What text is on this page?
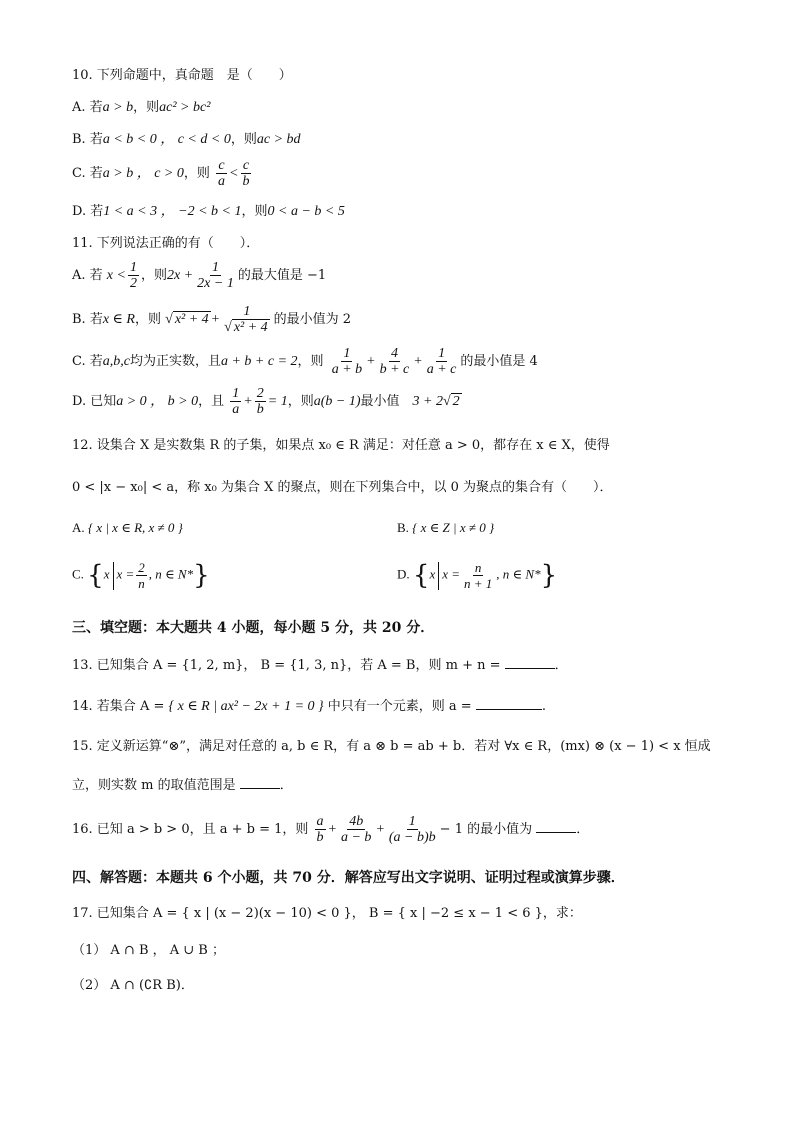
10. 下列命题中，真命题　是（　　）
A. 若a > b，则ac² > bc²
B. 若a < b < 0 ， c < d < 0，则ac > bd
C. 若a > b ， c > 0，则 $\frac{c}{a} < \frac{c}{b}$
D. 若1 < a < 3 ， −2 < b < 1，则0 < a − b < 5
11. 下列说法正确的有（　　）．
A. 若 $x < \frac{1}{2}$ ，则$2x + \frac{1}{2x - 1}$ 的最大值是 −1
B. 若x ∈ R，则 √ $x^2 + 4 + \frac{1}{\text{√ x² + 4}}$ 的最小值为 2
C. 若a,b,c均为正实数，且a + b + c = 2，则 $\frac{1}{a + b} + \frac{4}{b + c} + \frac{1}{a + c}$ 的最小值是 4
D. 已知a > 0 ， b > 0，且 $\frac{1}{a} + \frac{2}{b} = 1$，则a(b − 1)最小值　3 + 2√ 2
12. 设集合 X 是实数集 R 的子集，如果点 x₀ ∈ R 满足：对任意 a > 0，都存在 x ∈ X，使得
0 < |x − x₀| < a，称 x₀ 为集合 X 的聚点，则在下列集合中，以 0 为聚点的集合有（　　）．
A. { x | x ∈ R, x ≠ 0 }	B. { x ∈ Z | x ≠ 0 }
C. {x $x = \frac{2}{n}$ , n ∈ N*}	D. {x $x = \frac{n}{n + 1}$ , n ∈ N*}
三、填空题：本大题共 4 小题，每小题 5 分，共 20 分．
13. 已知集合 A = {1, 2, m}， B = {1, 3, n}，若 A = B，则 m + n =	．
14. 若集合 A = { x ∈ R | ax² − 2x + 1 = 0 } 中只有一个元素，则 a =	.
15. 定义新运算“⊗”，满足对任意的 a, b ∈ R，有 a ⊗ b = ab + b．若对 ∀x ∈ R，(mx) ⊗ (x − 1) < x 恒成
立，则实数 m 的取值范围是	．
16. 已知 a > b > 0，且 a + b = 1，则 $\frac{a}{b} + \frac{4b}{a - b} + \frac{1}{(a - b)b} - 1$ 的最小值为	．
四、解答题：本题共 6 个小题，共 70 分．解答应写出文字说明、证明过程或演算步骤．
17. 已知集合 A = { x | (x − 2)(x − 10) < 0 }， B = { x | −2 ≤ x − 1 < 6 }，求：
（1） A ∩ B ， A ∪ B ；
（2） A ∩ (∁R B)．
